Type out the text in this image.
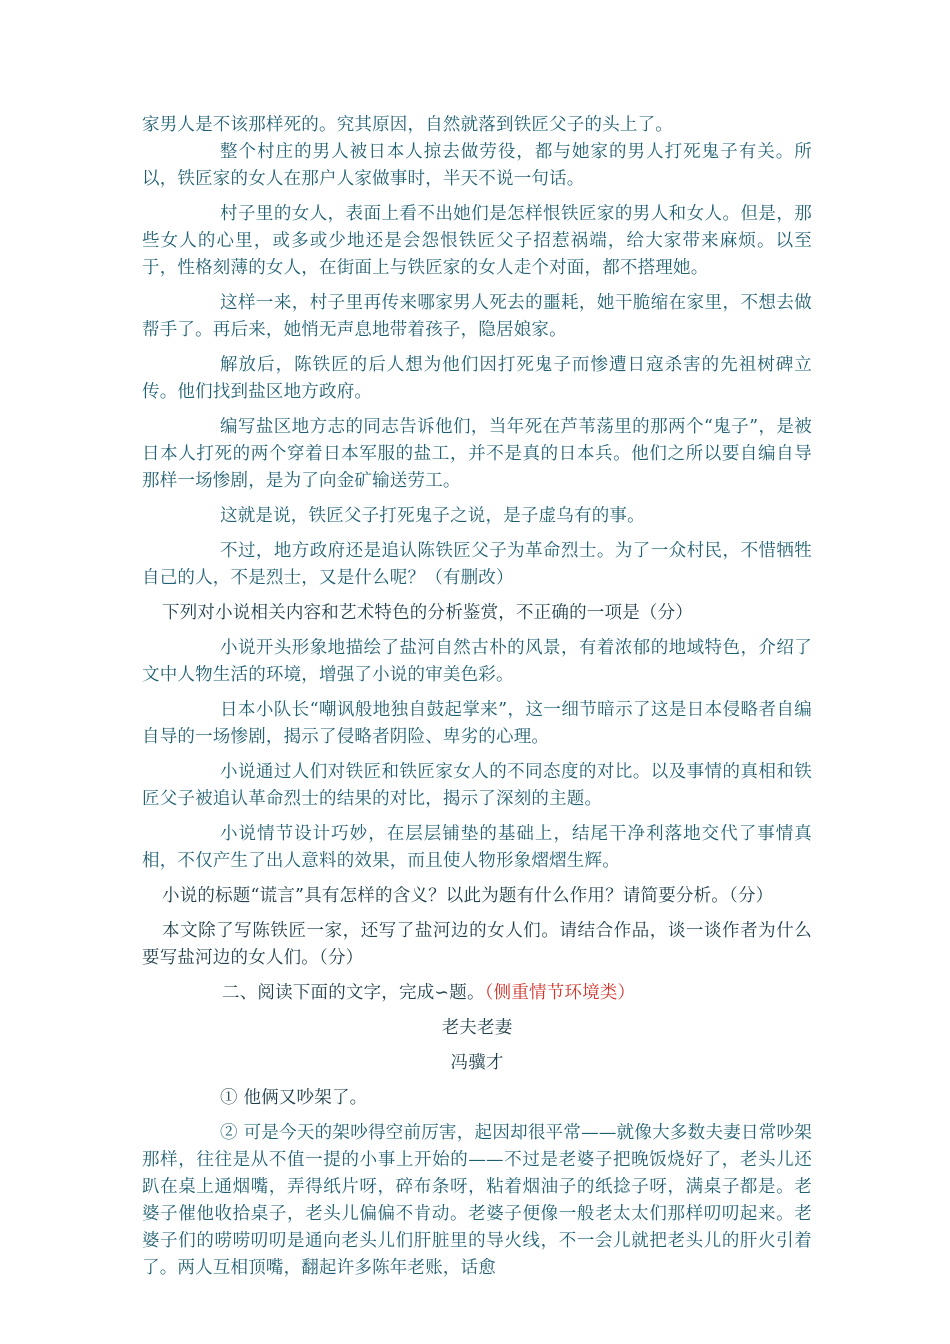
家男人是不该那样死的。究其原因，自然就落到铁匠父子的头上了。

整个村庄的男人被日本人掠去做劳役，都与她家的男人打死鬼子有关。所以，铁匠家的女人在那户人家做事时，半天不说一句话。

村子里的女人，表面上看不出她们是怎样恨铁匠家的男人和女人。但是，那些女人的心里，或多或少地还是会怨恨铁匠父子招惹祸端，给大家带来麻烦。以至于，性格刻薄的女人，在街面上与铁匠家的女人走个对面，都不搭理她。

这样一来，村子里再传来哪家男人死去的噩耗，她干脆缩在家里，不想去做帮手了。再后来，她悄无声息地带着孩子，隐居娘家。

解放后，陈铁匠的后人想为他们因打死鬼子而惨遭日寇杀害的先祖树碑立传。他们找到盐区地方政府。

编写盐区地方志的同志告诉他们，当年死在芦苇荡里的那两个“鬼子”，是被日本人打死的两个穿着日本军服的盐工，并不是真的日本兵。他们之所以要自编自导那样一场惨剧，是为了向金矿输送劳工。

这就是说，铁匠父子打死鬼子之说，是子虚乌有的事。

不过，地方政府还是追认陈铁匠父子为革命烈士。为了一众村民，不惜牺牲自己的人，不是烈士，又是什么呢？（有删改）

下列对小说相关内容和艺术特色的分析鉴赏，不正确的一项是（分）

小说开头形象地描绘了盐河自然古朴的风景，有着浓郁的地域特色，介绍了文中人物生活的环境，增强了小说的审美色彩。

日本小队长“嘲讽般地独自鼓起掌来”，这一细节暗示了这是日本侵略者自编自导的一场惨剧，揭示了侵略者阴险、卑劣的心理。

小说通过人们对铁匠和铁匠家女人的不同态度的对比。以及事情的真相和铁匠父子被追认革命烈士的结果的对比，揭示了深刻的主题。

小说情节设计巧妙，在层层铺垫的基础上，结尾干净利落地交代了事情真相，不仅产生了出人意料的效果，而且使人物形象熠熠生辉。

小说的标题“谎言”具有怎样的含义？以此为题有什么作用？请简要分析。（分）

本文除了写陈铁匠一家，还写了盐河边的女人们。请结合作品，谈一谈作者为什么要写盐河边的女人们。（分）

二、阅读下面的文字，完成∽题。（侧重情节环境类）

老夫老妻

冯骥才

① 他俩又吵架了。

② 可是今天的架吵得空前厉害，起因却很平常——就像大多数夫妻日常吵架那样，往往是从不值一提的小事上开始的——不过是老婆子把晚饭烧好了，老头儿还趴在桌上通烟嘴，弄得纸片呀，碎布条呀，粘着烟油子的纸捻子呀，满桌子都是。老婆子催他收拾桌子，老头儿偏偏不肯动。老婆子便像一般老太太们那样叨叨起来。老婆子们的唠唠叨叨是通向老头儿们肝脏里的导火线，不一会儿就把老头儿的肝火引着了。两人互相顶嘴，翻起许多陈年老账，话愈
